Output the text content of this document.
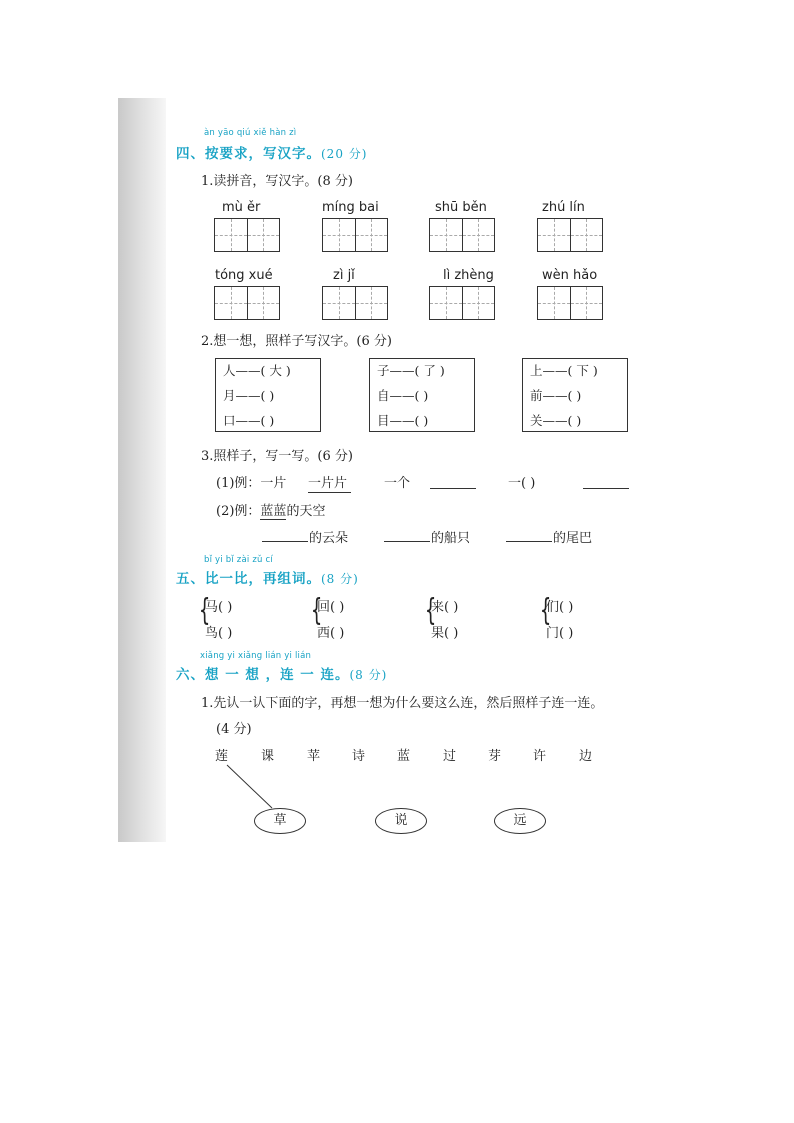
àn yāo qiú xiě hàn zì
四、按要求，写汉字。(20 分)
1.读拼音，写汉字。(8 分)
mù ěr	míng bai	shū běn	zhú lín
tóng xué	zì jǐ	lì zhèng	wèn hǎo
2.想一想，照样子写汉字。(6 分)
人——( 大 )
月——( )
口——( )
子——( 了 )
自——( )
目——( )
上——( 下 )
前——( )
关——( )
3.照样子，写一写。(6 分)
(1)例：一片 一片片	一个	一( )
(2)例：蓝蓝的天空
的云朵	的船只	的尾巴
bǐ yi bǐ zài zǔ cí
五、比一比，再组词。(8 分)
{
马( )
鸟( )
{
回( )
西( )
{
来( )
果( )
{
们( )
门( )
xiǎng yi xiǎng lián yi lián
六、想 一 想 ，连 一 连。(8 分)
1.先认一认下面的字，再想一想为什么要这么连，然后照样子连一连。
(4 分)
莲	课	苹 诗 蓝	过 芽 许	边
草	说	远
